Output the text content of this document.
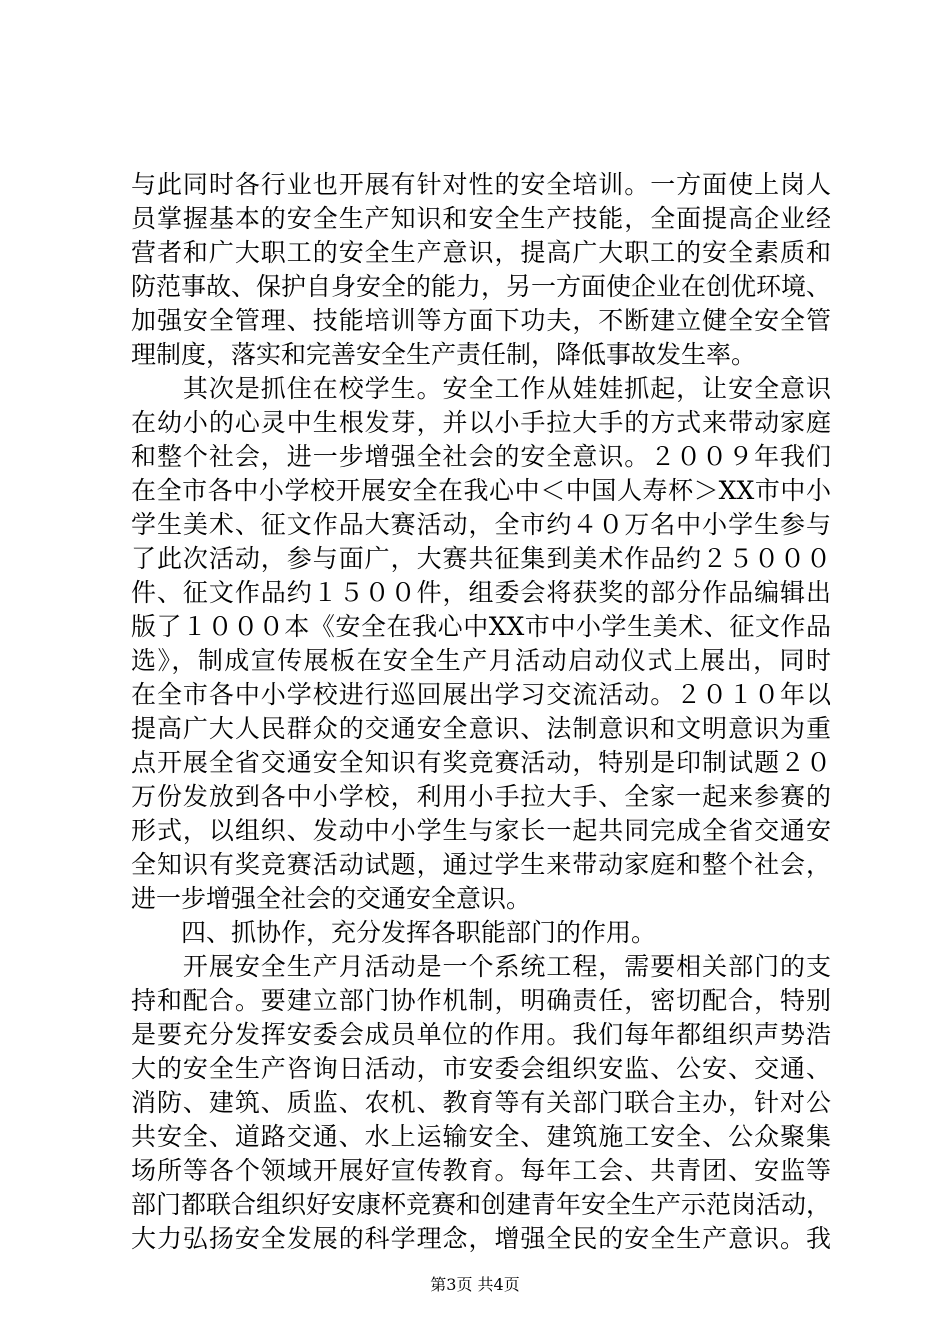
与此同时各行业也开展有针对性的安全培训。一方面使上岗人
员掌握基本的安全生产知识和安全生产技能，全面提高企业经
营者和广大职工的安全生产意识，提高广大职工的安全素质和
防范事故、保护自身安全的能力，另一方面使企业在创优环境、
加强安全管理、技能培训等方面下功夫，不断建立健全安全管
理制度，落实和完善安全生产责任制，降低事故发生率。
　　其次是抓住在校学生。安全工作从娃娃抓起，让安全意识
在幼小的心灵中生根发芽，并以小手拉大手的方式来带动家庭
和整个社会，进一步增强全社会的安全意识。２００９年我们
在全市各中小学校开展安全在我心中＜中国人寿杯＞XX市中小
学生美术、征文作品大赛活动，全市约４０万名中小学生参与
了此次活动，参与面广，大赛共征集到美术作品约２５０００
件、征文作品约１５００件，组委会将获奖的部分作品编辑出
版了１０００本《安全在我心中XX市中小学生美术、征文作品
选》，制成宣传展板在安全生产月活动启动仪式上展出，同时
在全市各中小学校进行巡回展出学习交流活动。２０１０年以
提高广大人民群众的交通安全意识、法制意识和文明意识为重
点开展全省交通安全知识有奖竞赛活动，特别是印制试题２０
万份发放到各中小学校，利用小手拉大手、全家一起来参赛的
形式，以组织、发动中小学生与家长一起共同完成全省交通安
全知识有奖竞赛活动试题，通过学生来带动家庭和整个社会，
进一步增强全社会的交通安全意识。
　　四、抓协作，充分发挥各职能部门的作用。
　　开展安全生产月活动是一个系统工程，需要相关部门的支
持和配合。要建立部门协作机制，明确责任，密切配合，特别
是要充分发挥安委会成员单位的作用。我们每年都组织声势浩
大的安全生产咨询日活动，市安委会组织安监、公安、交通、
消防、建筑、质监、农机、教育等有关部门联合主办，针对公
共安全、道路交通、水上运输安全、建筑施工安全、公众聚集
场所等各个领域开展好宣传教育。每年工会、共青团、安监等
部门都联合组织好安康杯竞赛和创建青年安全生产示范岗活动，
大力弘扬安全发展的科学理念，增强全民的安全生产意识。我
第3页 共4页
